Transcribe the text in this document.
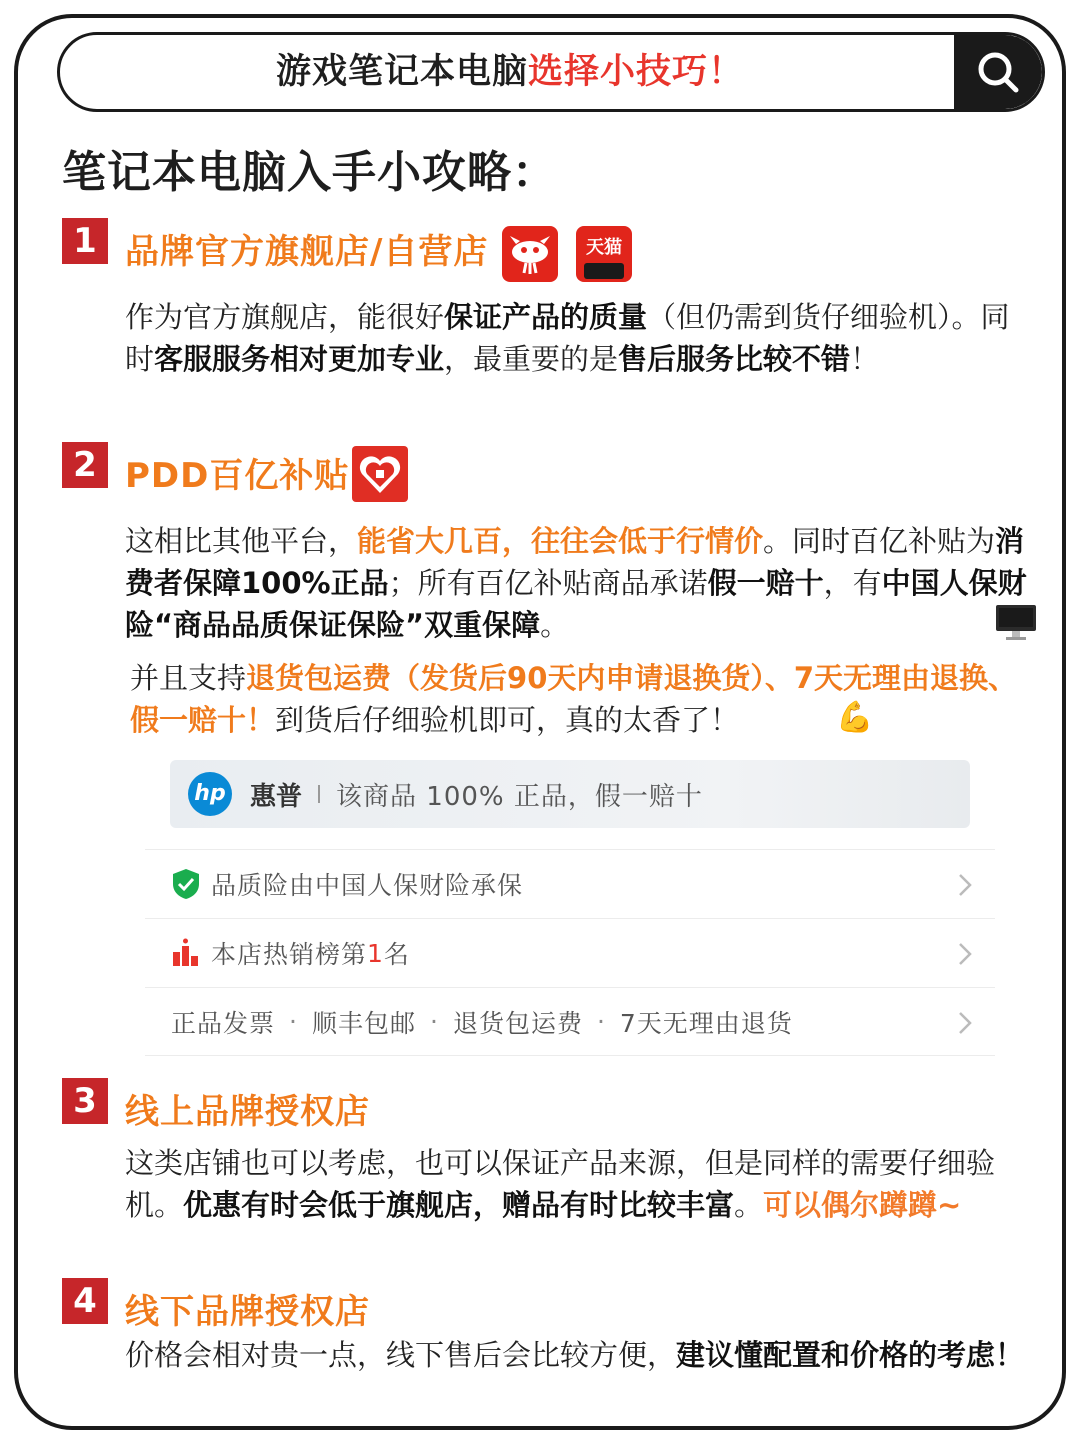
游戏笔记本电脑选择小技巧！
笔记本电脑入手小攻略：
1 品牌官方旗舰店/自营店	天猫
作为官方旗舰店，能很好保证产品的质量（但仍需到货仔细验机）。同时客服服务相对更加专业，最重要的是售后服务比较不错！
2 PDD百亿补贴
这相比其他平台，能省大几百，往往会低于行情价。同时百亿补贴为消费者保障100%正品；所有百亿补贴商品承诺假一赔十，有中国人保财险“商品品质保证保险”双重保障。
并且支持退货包运费（发货后90天内申请退换货）、7天无理由退换、假一赔十！到货后仔细验机即可，真的太香了！	💪
hp 惠普 该商品 100% 正品，假一赔十
品质险由中国人保财险承保
本店热销榜第 1 名
正品发票 · 顺丰包邮 · 退货包运费 · 7天无理由退货
3 线上品牌授权店
这类店铺也可以考虑，也可以保证产品来源，但是同样的需要仔细验机。优惠有时会低于旗舰店，赠品有时比较丰富。可以偶尔蹲蹲~
4 线下品牌授权店
价格会相对贵一点，线下售后会比较方便，建议懂配置和价格的考虑！
